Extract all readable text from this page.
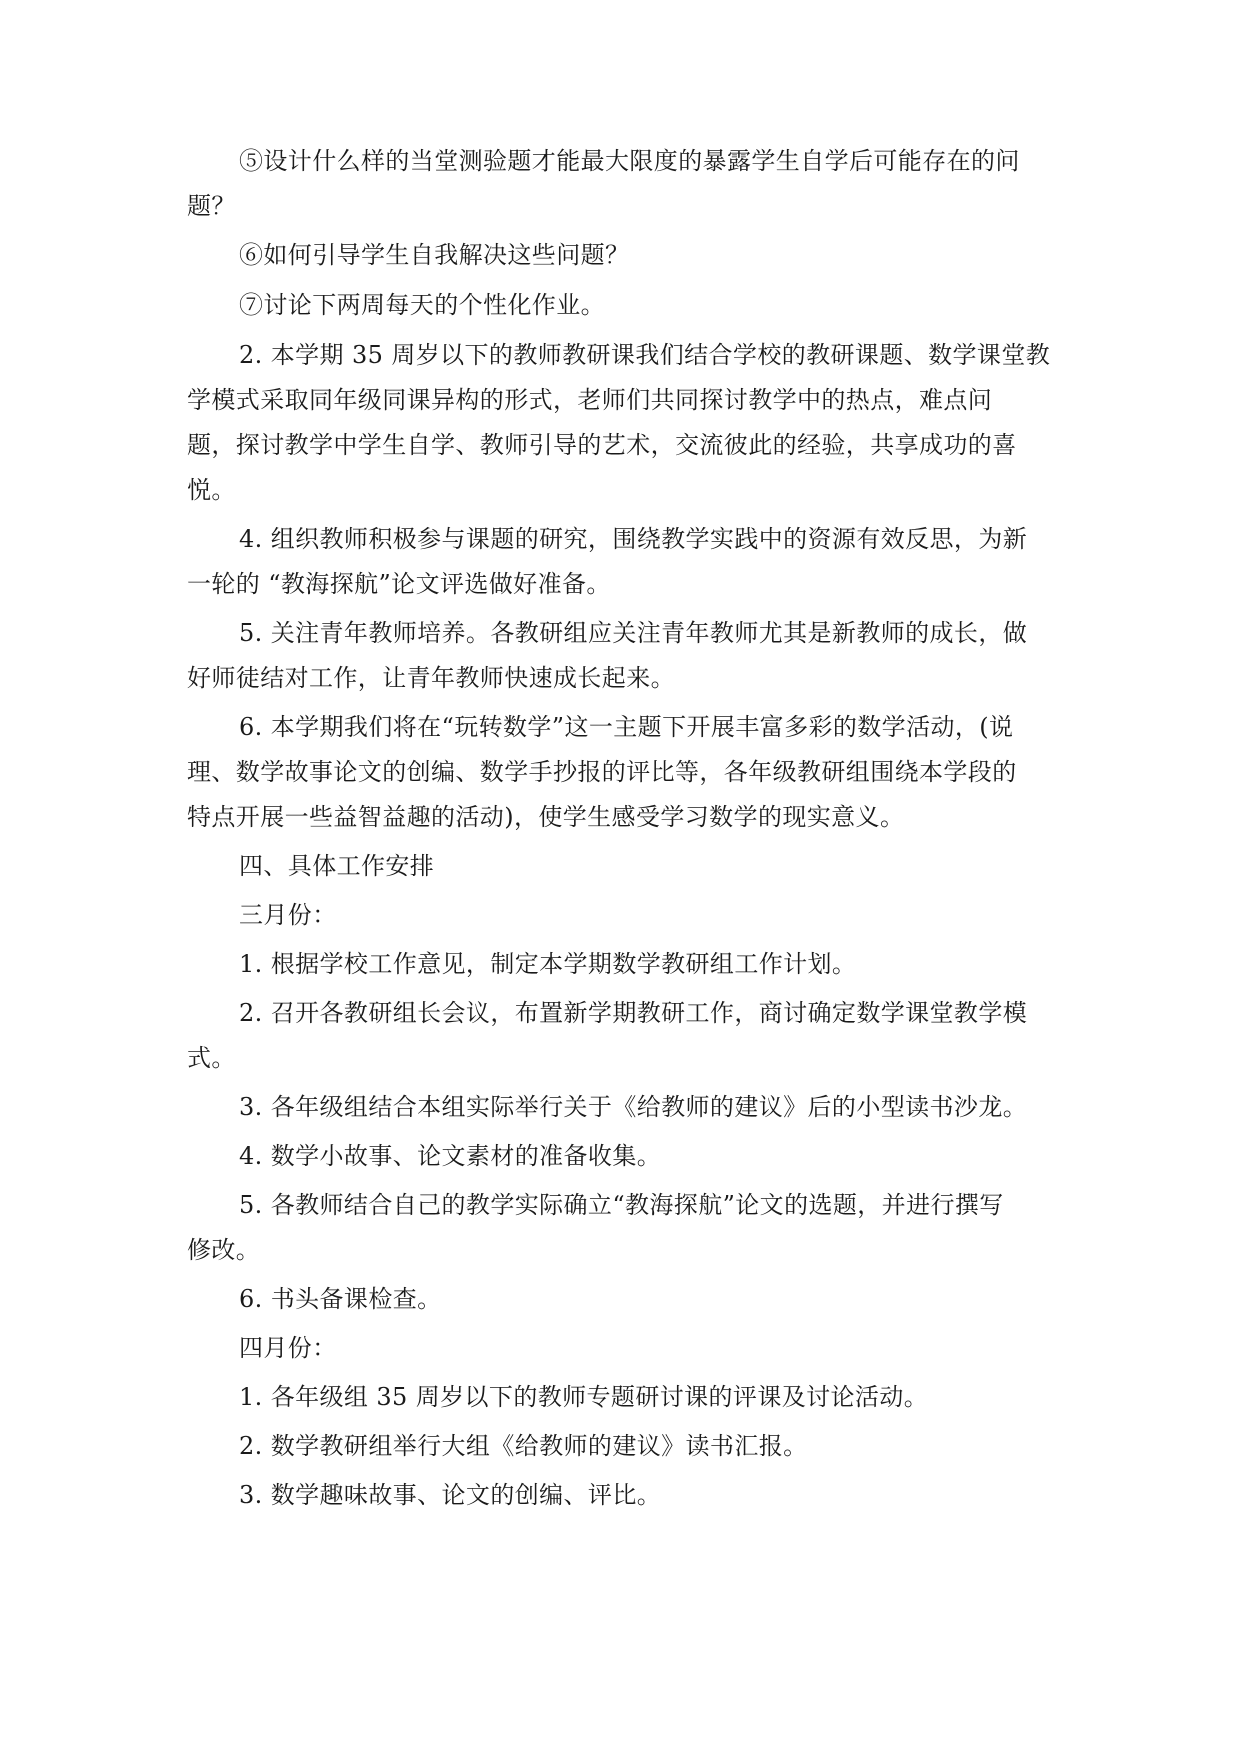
⑤设计什么样的当堂测验题才能最大限度的暴露学生自学后可能存在的问

题？

⑥如何引导学生自我解决这些问题？

⑦讨论下两周每天的个性化作业。

2. 本学期 35 周岁以下的教师教研课我们结合学校的教研课题、数学课堂教

学模式采取同年级同课异构的形式，老师们共同探讨教学中的热点，难点问

题，探讨教学中学生自学、教师引导的艺术，交流彼此的经验，共享成功的喜

悦。

4. 组织教师积极参与课题的研究，围绕教学实践中的资源有效反思，为新

一轮的 “教海探航”论文评选做好准备。

5. 关注青年教师培养。各教研组应关注青年教师尤其是新教师的成长，做

好师徒结对工作，让青年教师快速成长起来。

6. 本学期我们将在“玩转数学”这一主题下开展丰富多彩的数学活动，(说

理、数学故事论文的创编、数学手抄报的评比等，各年级教研组围绕本学段的

特点开展一些益智益趣的活动)，使学生感受学习数学的现实意义。

四、具体工作安排

三月份：

1. 根据学校工作意见，制定本学期数学教研组工作计划。

2. 召开各教研组长会议，布置新学期教研工作，商讨确定数学课堂教学模

式。

3. 各年级组结合本组实际举行关于《给教师的建议》后的小型读书沙龙。

4. 数学小故事、论文素材的准备收集。

5. 各教师结合自己的教学实际确立“教海探航”论文的选题，并进行撰写

修改。

6. 书头备课检查。

四月份：

1. 各年级组 35 周岁以下的教师专题研讨课的评课及讨论活动。

2. 数学教研组举行大组《给教师的建议》读书汇报。

3. 数学趣味故事、论文的创编、评比。
